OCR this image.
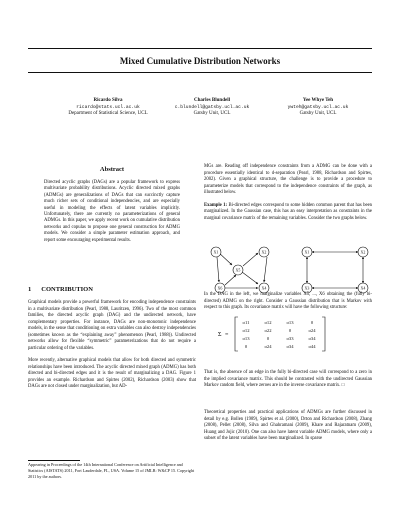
Mixed Cumulative Distribution Networks
Ricardo Silva
ricardo@stats.ucl.ac.uk
Department of Statistical Science, UCL
Charles Blundell
c.blundell@gatsby.ucl.ac.uk
Gatsby Unit, UCL
Yee Whye Teh
ywteh@gatsby.ucl.ac.uk
Gatsby Unit, UCL
Abstract
Directed acyclic graphs (DAGs) are a popular framework to express multivariate probability distributions. Acyclic directed mixed graphs (ADMGs) are generalizations of DAGs that can succinctly capture much richer sets of conditional independencies, and are especially useful in modeling the effects of latent variables implicitly. Unfortunately, there are currently no parameterizations of general ADMGs. In this paper, we apply recent work on cumulative distribution networks and copulas to propose one general construction for ADMG models. We consider a simple parameter estimation approach, and report some encouraging experimental results.
1 CONTRIBUTION

Graphical models provide a powerful framework for encoding independence constraints in a multivariate distribution (Pearl, 1988, Lauritzen, 1996). Two of the most common families, the directed acyclic graph (DAG) and the undirected network, have complementary properties. For instance, DAGs are non-monotonic independence models, in the sense that conditioning on extra variables can also destroy independencies (sometimes known as the “explaining away” phenomenon (Pearl, 1988)). Undirected networks allow for flexible “symmetric” parameterizations that do not require a particular ordering of the variables.

More recently, alternative graphical models that allow for both directed and symmetric relationships have been introduced. The acyclic directed mixed graph (ADMG) has both directed and bi-directed edges and it is the result of marginalizing a DAG. Figure 1 provides an example. Richardson and Spirtes (2002), Richardson (2003) show that DAGs are not closed under marginalization, but AD-

Appearing in Proceedings of the 14th International Conference on Artificial Intelligence and Statistics (AISTATS) 2011, Fort Lauderdale, FL, USA. Volume 15 of JMLR: W&CP 15. Copyright 2011 by the authors.

MGs are. Reading off independence constraints from a ADMG can be done with a procedure essentially identical to d-separation (Pearl, 1988, Richardson and Spirtes, 2002). Given a graphical structure, the challenge is to provide a procedure to parameterize models that correspond to the independence constraints of the graph, as illustrated below.

Example 1: Bi-directed edges correspond to some hidden common parent that has been marginalized. In the Gaussian case, this has an easy interpretation as constraints in the marginal covariance matrix of the remaining variables. Consider the two graphs below.

X1	X2
X5
X6	X4
X1	X2
X3	X4
In the DAG in the left, we marginalize variables X5, ..., X6 obtaining the (fully bi-directed) ADMG on the right. Consider a Gaussian distribution that is Markov with respect to this graph. Its covariance matrix will have the following structure:
Σ =
σ11	σ12	σ13	0
σ12	σ22	0	σ24
σ13	0	σ33	σ34
0	σ24	σ34	σ44
That is, the absence of an edge in the fully bi-directed case will correspond to a zero in the implied covariance matrix. This should be contrasted with the undirected Gaussian Markov random field, where zeroes are in the inverse covariance matrix. □
Theoretical properties and practical applications of ADMGs are further discussed in detail by e.g. Bollen (1989), Spirtes et al. (2000), Drton and Richardson (2008), Zhang (2008), Pellet (2008), Silva and Ghahramani (2009), Khare and Rajaratnam (2009), Huang and Jojic (2010). One can also have latent variable ADMG models, where only a subset of the latent variables have been marginalized. In sparse
